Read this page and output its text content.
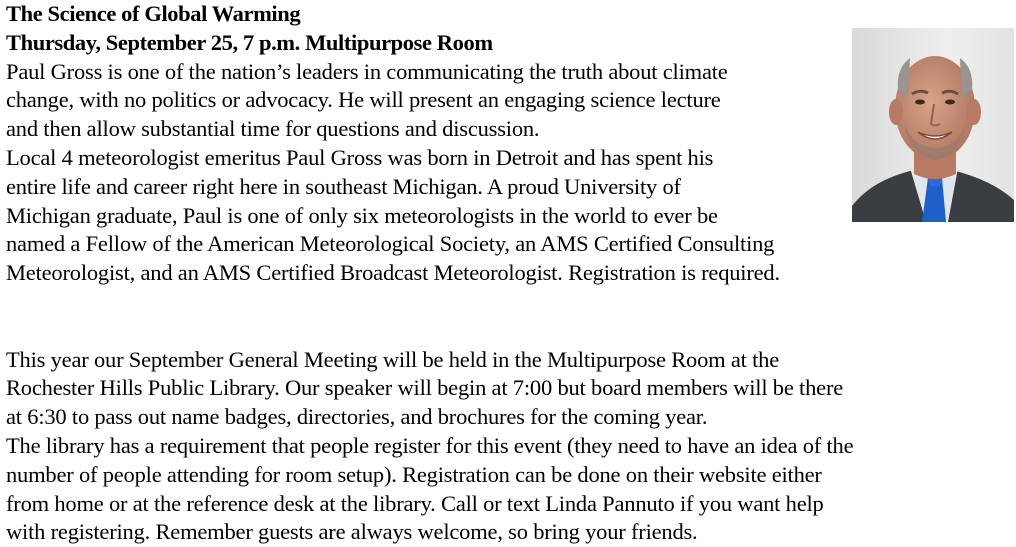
The Science of Global Warming
Thursday, September 25, 7 p.m. Multipurpose Room
Paul Gross is one of the nation’s leaders in communicating the truth about climate
change, with no politics or advocacy. He will present an engaging science lecture
and then allow substantial time for questions and discussion.
Local 4 meteorologist emeritus Paul Gross was born in Detroit and has spent his
entire life and career right here in southeast Michigan. A proud University of
Michigan graduate, Paul is one of only six meteorologists in the world to ever be
named a Fellow of the American Meteorological Society, an AMS Certified Consulting
Meteorologist, and an AMS Certified Broadcast Meteorologist. Registration is required.
This year our September General Meeting will be held in the Multipurpose Room at the
Rochester Hills Public Library. Our speaker will begin at 7:00 but board members will be there
at 6:30 to pass out name badges, directories, and brochures for the coming year.
The library has a requirement that people register for this event (they need to have an idea of the
number of people attending for room setup). Registration can be done on their website either
from home or at the reference desk at the library. Call or text Linda Pannuto if you want help
with registering. Remember guests are always welcome, so bring your friends.
